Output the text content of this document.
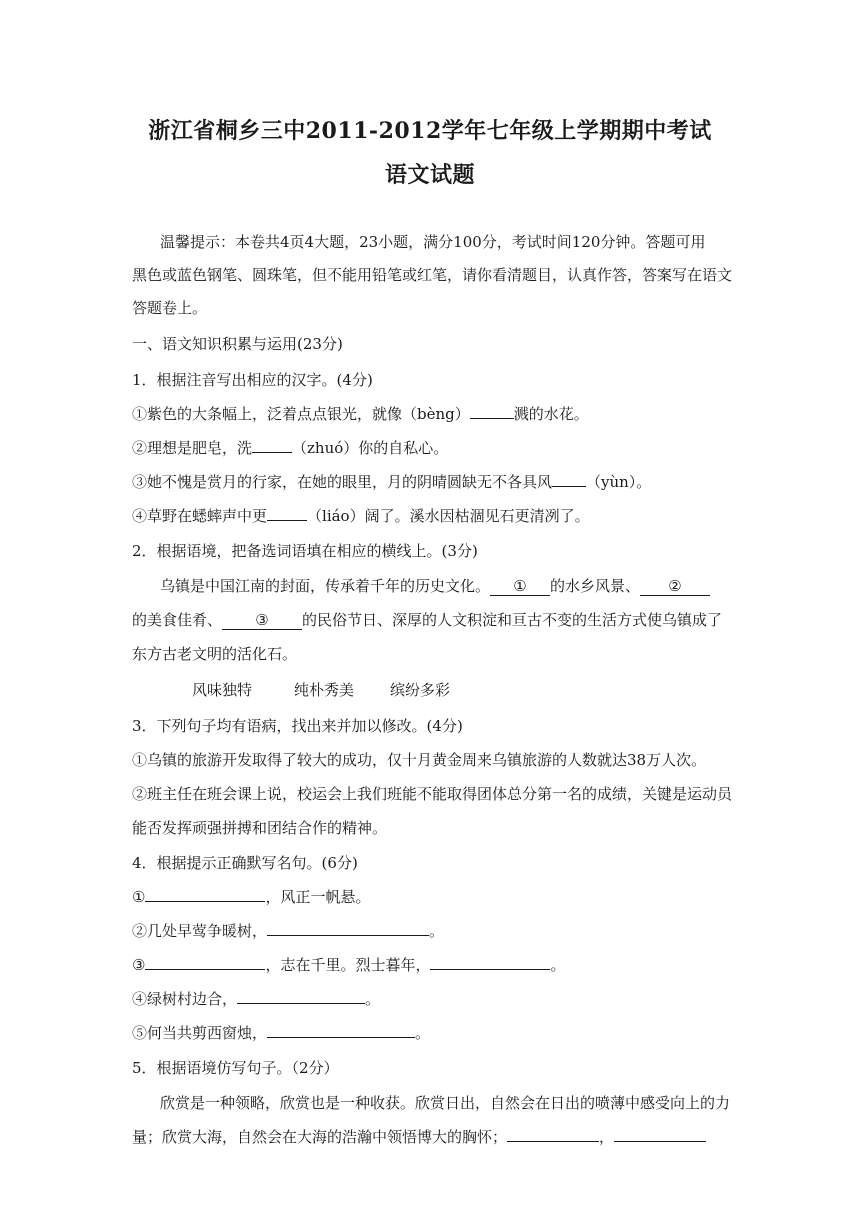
浙江省桐乡三中2011-2012学年七年级上学期期中考试
语文试题
温馨提示：本卷共4页4大题，23小题，满分100分，考试时间120分钟。答题可用
黑色或蓝色钢笔、圆珠笔，但不能用铅笔或红笔，请你看清题目，认真作答，答案写在语文
答题卷上。
一、语文知识积累与运用(23分)
1．根据注音写出相应的汉字。(4分)
①紫色的大条幅上，泛着点点银光，就像（bèng）	溅的水花。
②理想是肥皂，洗	（zhuó）你的自私心。
③她不愧是赏月的行家，在她的眼里，月的阴晴圆缺无不各具风 （yùn）。
④草野在蟋蟀声中更	（liáo）阔了。溪水因枯涸见石更清冽了。
2．根据语境，把备选词语填在相应的横线上。(3分)
乌镇是中国江南的封面，传承着千年的历史文化。 ① 的水乡风景、 ②
的美食佳肴、 ③ 的民俗节日、深厚的人文积淀和亘古不变的生活方式使乌镇成了
东方古老文明的活化石。
风味独特	纯朴秀美 缤纷多彩
3．下列句子均有语病，找出来并加以修改。(4分)
①乌镇的旅游开发取得了较大的成功，仅十月黄金周来乌镇旅游的人数就达38万人次。
②班主任在班会课上说，校运会上我们班能不能取得团体总分第一名的成绩，关键是运动员
能否发挥顽强拼搏和团结合作的精神。
4．根据提示正确默写名句。(6分)
①	，风正一帆悬。
②几处早莺争暖树，	。
③	，志在千里。烈士暮年，	。
④绿树村边合，	。
⑤何当共剪西窗烛，	。
5．根据语境仿写句子。（2分）
欣赏是一种领略，欣赏也是一种收获。欣赏日出，自然会在日出的喷薄中感受向上的力
量；欣赏大海，自然会在大海的浩瀚中领悟博大的胸怀；	，
